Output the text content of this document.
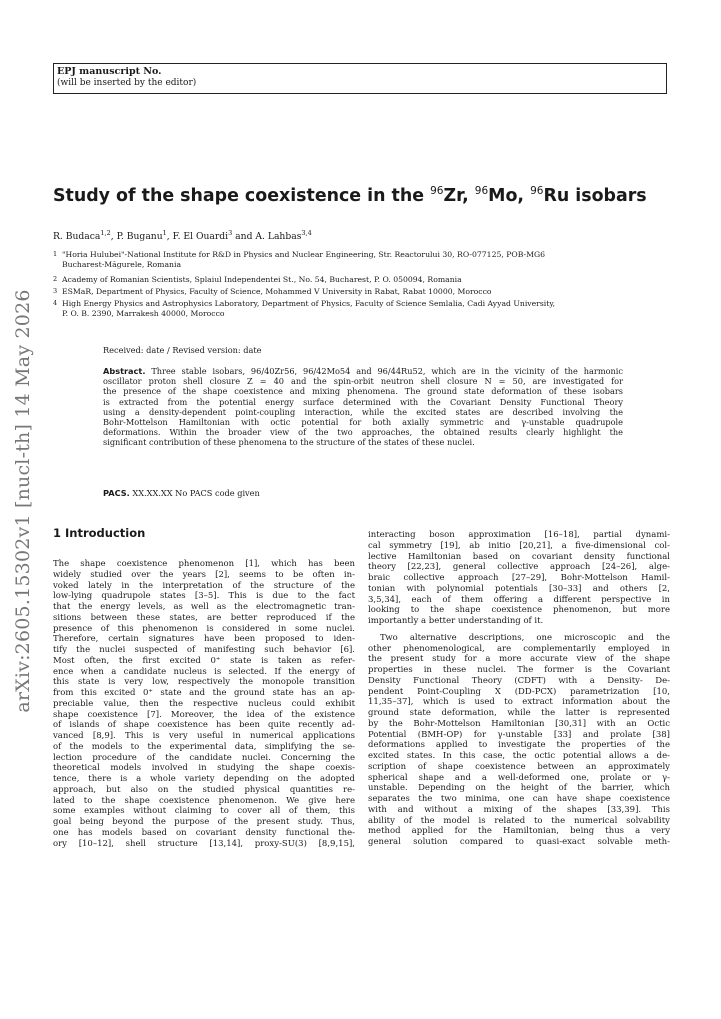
EPJ manuscript No.
(will be inserted by the editor)
arXiv:2605.15302v1 [nucl-th] 14 May 2026
Study of the shape coexistence in the $^{96}$Zr, $^{96}$Mo, $^{96}$Ru isobars
R. Budaca$^{1,2}$, P. Buganu$^1$, F. El Ouardi$^3$ and A. Lahbas$^{3,4}$
1 "Horia Hulubei"-National Institute for R&D in Physics and Nuclear Engineering, Str. Reactorului 30, RO-077125, POB-MG6
Bucharest-Măgurele, Romania
2 Academy of Romanian Scientists, Splaiul Independentei St., No. 54, Bucharest, P. O. 050094, Romania
3 ESMaR, Department of Physics, Faculty of Science, Mohammed V University in Rabat, Rabat 10000, Morocco
4 High Energy Physics and Astrophysics Laboratory, Department of Physics, Faculty of Science Semlalia, Cadi Ayyad University,
P. O. B. 2390, Marrakesh 40000, Morocco
Received: date / Revised version: date
Abstract. Three stable isobars, 96/40Zr56, 96/42Mo54 and 96/44Ru52, which are in the vicinity of the harmonic
oscillator proton shell closure Z = 40 and the spin-orbit neutron shell closure N = 50, are investigated for
the presence of the shape coexistence and mixing phenomena. The ground state deformation of these isobars
is extracted from the potential energy surface determined with the Covariant Density Functional Theory
using a density-dependent point-coupling interaction, while the excited states are described involving the
Bohr-Mottelson Hamiltonian with octic potential for both axially symmetric and γ-unstable quadrupole
deformations. Within the broader view of the two approaches, the obtained results clearly highlight the
significant contribution of these phenomena to the structure of the states of these nuclei.
PACS. XX.XX.XX No PACS code given
1 Introduction
The shape coexistence phenomenon [1], which has been
widely studied over the years [2], seems to be often in-
voked lately in the interpretation of the structure of the
low-lying quadrupole states [3–5]. This is due to the fact
that the energy levels, as well as the electromagnetic tran-
sitions between these states, are better reproduced if the
presence of this phenomenon is considered in some nuclei.
Therefore, certain signatures have been proposed to iden-
tify the nuclei suspected of manifesting such behavior [6].
Most often, the first excited 0⁺ state is taken as refer-
ence when a candidate nucleus is selected. If the energy of
this state is very low, respectively the monopole transition
from this excited 0⁺ state and the ground state has an ap-
preciable value, then the respective nucleus could exhibit
shape coexistence [7]. Moreover, the idea of the existence
of islands of shape coexistence has been quite recently ad-
vanced [8,9]. This is very useful in numerical applications
of the models to the experimental data, simplifying the se-
lection procedure of the candidate nuclei. Concerning the
theoretical models involved in studying the shape coexis-
tence, there is a whole variety depending on the adopted
approach, but also on the studied physical quantities re-
lated to the shape coexistence phenomenon. We give here
some examples without claiming to cover all of them, this
goal being beyond the purpose of the present study. Thus,
one has models based on covariant density functional the-
ory [10–12], shell structure [13,14], proxy-SU(3) [8,9,15],
interacting boson approximation [16–18], partial dynami-
cal symmetry [19], ab initio [20,21], a five-dimensional col-
lective Hamiltonian based on covariant density functional
theory [22,23], general collective approach [24–26], alge-
braic collective approach [27–29], Bohr-Mottelson Hamil-
tonian with polynomial potentials [30–33] and others [2,
3,5,34], each of them offering a different perspective in
looking to the shape coexistence phenomenon, but more
importantly a better understanding of it.
Two alternative descriptions, one microscopic and the
other phenomenological, are complementarily employed in
the present study for a more accurate view of the shape
properties in these nuclei. The former is the Covariant
Density Functional Theory (CDFT) with a Density- De-
pendent Point-Coupling X (DD-PCX) parametrization [10,
11,35–37], which is used to extract information about the
ground state deformation, while the latter is represented
by the Bohr-Mottelson Hamiltonian [30,31] with an Octic
Potential (BMH-OP) for γ-unstable [33] and prolate [38]
deformations applied to investigate the properties of the
excited states. In this case, the octic potential allows a de-
scription of shape coexistence between an approximately
spherical shape and a well-deformed one, prolate or γ-
unstable. Depending on the height of the barrier, which
separates the two minima, one can have shape coexistence
with and without a mixing of the shapes [33,39]. This
ability of the model is related to the numerical solvability
method applied for the Hamiltonian, being thus a very
general solution compared to quasi-exact solvable meth-
